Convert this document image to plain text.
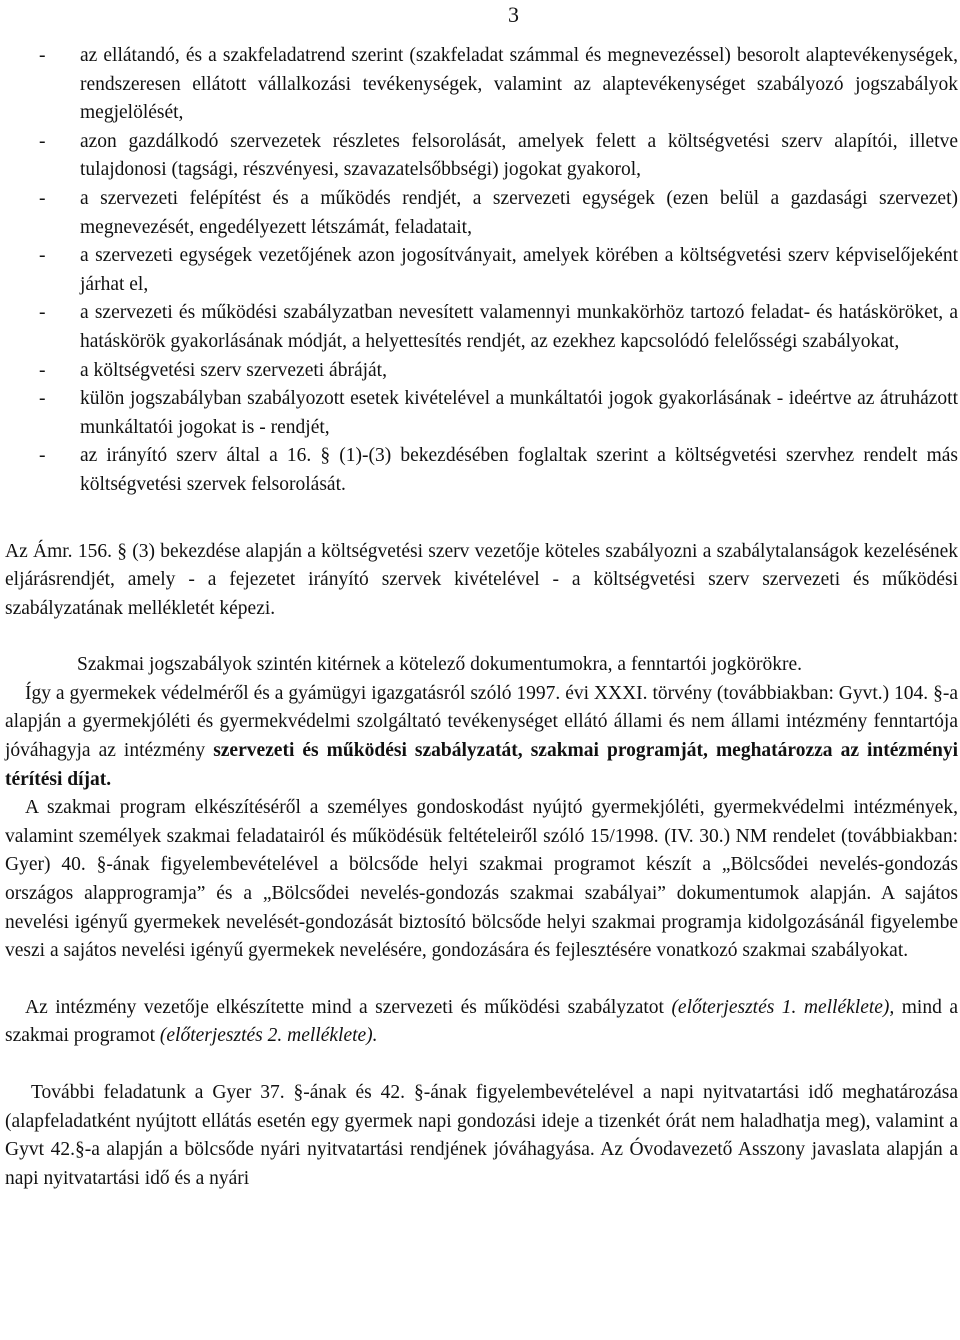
3

- az ellátandó, és a szakfeladatrend szerint (szakfeladat számmal és megnevezéssel) besorolt alaptevékenységek, rendszeresen ellátott vállalkozási tevékenységek, valamint az alaptevékenységet szabályozó jogszabályok megjelölését,

- azon gazdálkodó szervezetek részletes felsorolását, amelyek felett a költségvetési szerv alapítói, illetve tulajdonosi (tagsági, részvényesi, szavazatelsőbbségi) jogokat gyakorol,

- a szervezeti felépítést és a működés rendjét, a szervezeti egységek (ezen belül a gazdasági szervezet) megnevezését, engedélyezett létszámát, feladatait,

- a szervezeti egységek vezetőjének azon jogosítványait, amelyek körében a költségvetési szerv képviselőjeként járhat el,

- a szervezeti és működési szabályzatban nevesített valamennyi munkakörhöz tartozó feladat- és hatásköröket, a hatáskörök gyakorlásának módját, a helyettesítés rendjét, az ezekhez kapcsolódó felelősségi szabályokat,

- a költségvetési szerv szervezeti ábráját,

- külön jogszabályban szabályozott esetek kivételével a munkáltatói jogok gyakorlásának - ideértve az átruházott munkáltatói jogokat is - rendjét,

- az irányító szerv által a 16. § (1)-(3) bekezdésében foglaltak szerint a költségvetési szervhez rendelt más költségvetési szervek felsorolását.

Az Ámr. 156. § (3) bekezdése alapján a költségvetési szerv vezetője köteles szabályozni a szabálytalanságok kezelésének eljárásrendjét, amely - a fejezetet irányító szervek kivételével - a költségvetési szerv szervezeti és működési szabályzatának mellékletét képezi.

Szakmai jogszabályok szintén kitérnek a kötelező dokumentumokra, a fenntartói jogkörökre.

Így a gyermekek védelméről és a gyámügyi igazgatásról szóló 1997. évi XXXI. törvény (továbbiakban: Gyvt.) 104. §-a alapján a gyermekjóléti és gyermekvédelmi szolgáltató tevékenységet ellátó állami és nem állami intézmény fenntartója jóváhagyja az intézmény szervezeti és működési szabályzatát, szakmai programját, meghatározza az intézményi térítési díjat.

A szakmai program elkészítéséről a személyes gondoskodást nyújtó gyermekjóléti, gyermekvédelmi intézmények, valamint személyek szakmai feladatairól és működésük feltételeiről szóló 15/1998. (IV. 30.) NM rendelet (továbbiakban: Gyer) 40. §-ának figyelembevételével a bölcsőde helyi szakmai programot készít a „Bölcsődei nevelés-gondozás országos alapprogramja” és a „Bölcsődei nevelés-gondozás szakmai szabályai” dokumentumok alapján. A sajátos nevelési igényű gyermekek nevelését-gondozását biztosító bölcsőde helyi szakmai programja kidolgozásánál figyelembe veszi a sajátos nevelési igényű gyermekek nevelésére, gondozására és fejlesztésére vonatkozó szakmai szabályokat.

Az intézmény vezetője elkészítette mind a szervezeti és működési szabályzatot (előterjesztés 1. melléklete), mind a szakmai programot (előterjesztés 2. melléklete).

További feladatunk a Gyer 37. §-ának és 42. §-ának figyelembevételével a napi nyitvatartási idő meghatározása (alapfeladatként nyújtott ellátás esetén egy gyermek napi gondozási ideje a tizenkét órát nem haladhatja meg), valamint a Gyvt 42.§-a alapján a bölcsőde nyári nyitvatartási rendjének jóváhagyása. Az Óvodavezető Asszony javaslata alapján a napi nyitvatartási idő és a nyári
